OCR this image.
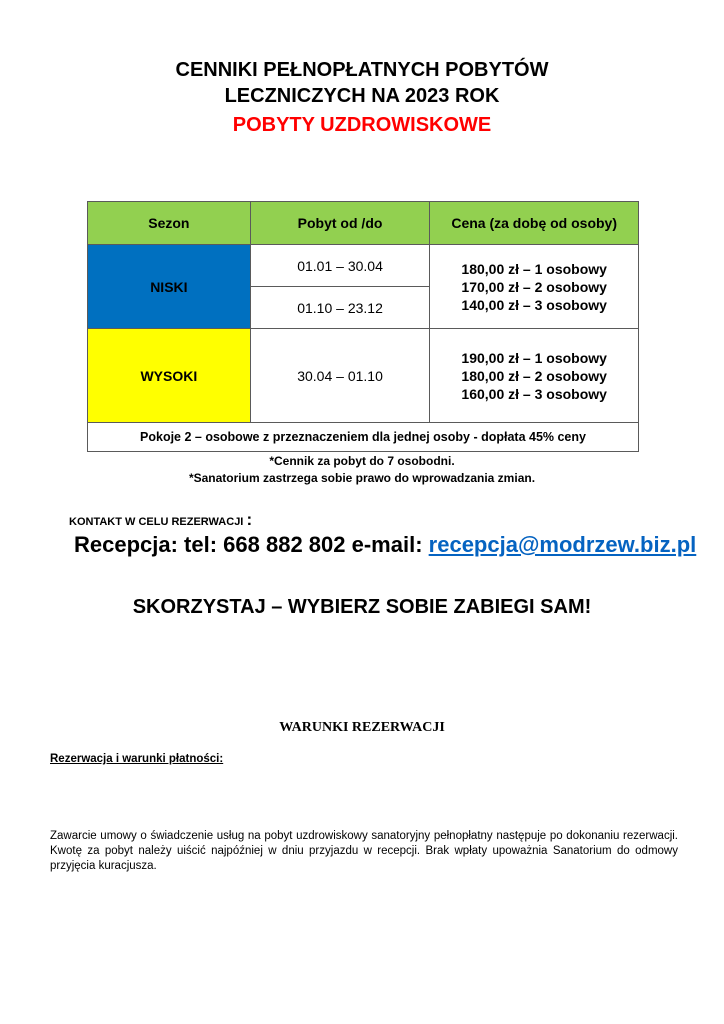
CENNIKI PEŁNOPŁATNYCH POBYTÓW
LECZNICZYCH NA 2023 ROK
POBYTY UZDROWISKOWE
Sezon	Pobyt od /do	Cena (za dobę od osoby)
NISKI	01.01 – 30.04	180,00 zł – 1 osobowy
170,00 zł – 2 osobowy
140,00 zł – 3 osobowy

	01.10 – 23.12	
WYSOKI	30.04 – 01.10	190,00 zł – 1 osobowy
180,00 zł – 2 osobowy
160,00 zł – 3 osobowy

Pokoje 2 – osobowe z przeznaczeniem dla jednej osoby - dopłata 45% ceny		
*Cennik za pobyt do 7 osobodni.
*Sanatorium zastrzega sobie prawo do wprowadzania zmian.
KONTAKT W CELU REZERWACJI :
Recepcja: tel: 668 882 802 e-mail: recepcja@modrzew.biz.pl
SKORZYSTAJ – WYBIERZ SOBIE ZABIEGI SAM!
WARUNKI REZERWACJI
Rezerwacja i warunki płatności:
Zawarcie umowy o świadczenie usług na pobyt uzdrowiskowy sanatoryjny pełnopłatny następuje po dokonaniu rezerwacji. Kwotę za pobyt należy uiścić najpóźniej w dniu przyjazdu w recepcji. Brak wpłaty upoważnia Sanatorium do odmowy przyjęcia kuracjusza.
